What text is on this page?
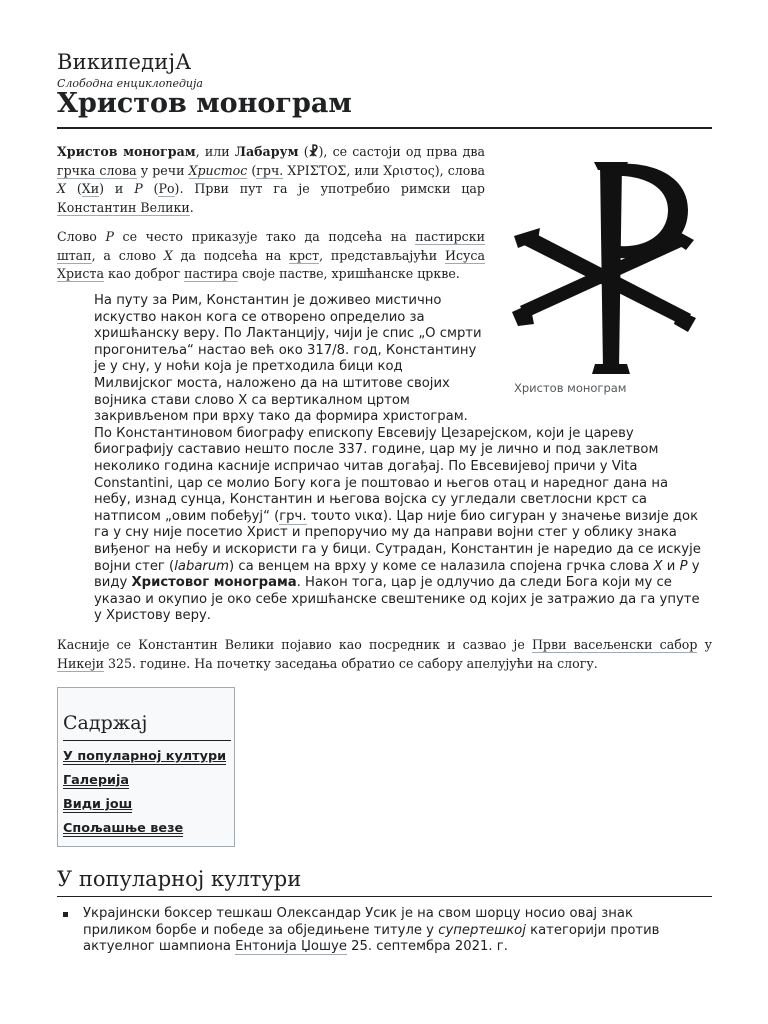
ВикипедијА
Слободна енциклопедија
Христов монограм

Христов монограм, или Лабарум (☧), се састоји од прва два грчка слова у речи Христос (грч. ΧΡΙΣΤΟΣ, или Χριστος), слова X (Хи) и P (Ро). Први пут га је употребио римски цар Константин Велики.

Слово P се често приказује тако да подсећа на пастирски штап, а слово X да подсећа на крст, представљајући Исуса Христа као доброг пастира своје пастве, хришћанске цркве.

Христов монограм

На путу за Рим, Константин је доживео мистично искуство након кога се отворено определио за хришћанску веру. По Лактанцију, чији је спис „О смрти прогонитеља“ настао већ око 317/8. год, Константину је у сну, у ноћи која је претходила бици код Милвијског моста, наложено да на штитове својих војника стави слово X са вертикалном цртом закривљеном при врху тако да формира христограм. По Константиновом биографу епископу Евсевију Цезарејском, који је цареву биографију саставио нешто после 337. године, цар му је лично и под заклетвом неколико година касније испричао читав догађај. По Евсевијевој причи у Vita Constantini, цар се молио Богу кога је поштовао и његов отац и наредног дана на небу, изнад сунца, Константин и његова војска су угледали светлосни крст са натписом „овим побеђуј“ (грч. τουτο νικα). Цар није био сигуран у значење визије док га у сну није посетио Христ и препоручио му да направи војни стег у облику знака виђеног на небу и искористи га у бици. Сутрадан, Константин је наредио да се искује војни стег (labarum) са венцем на врху у коме се налазила спојена грчка слова X и P у виду Христовог монограма. Након тога, цар је одлучио да следи Бога који му се указао и окупио је око себе хришћанске свештенике од којих је затражио да га упуте у Христову веру.

Касније се Константин Велики појавио као посредник и сазвао је Први васељенски сабор у Никеји 325. године. На почетку заседања обратио се сабору апелујући на слогу.

Садржај
У популарној култури
Галерија
Види још
Спољашње везе
У популарној култури
Украјински боксер тешкаш Олександар Усик је на свом шорцу носио овај знак приликом борбе и победе за обједињене титуле у супертешкој категорији против актуелног шампиона Ентонија Џошуе 25. септембра 2021. г.
